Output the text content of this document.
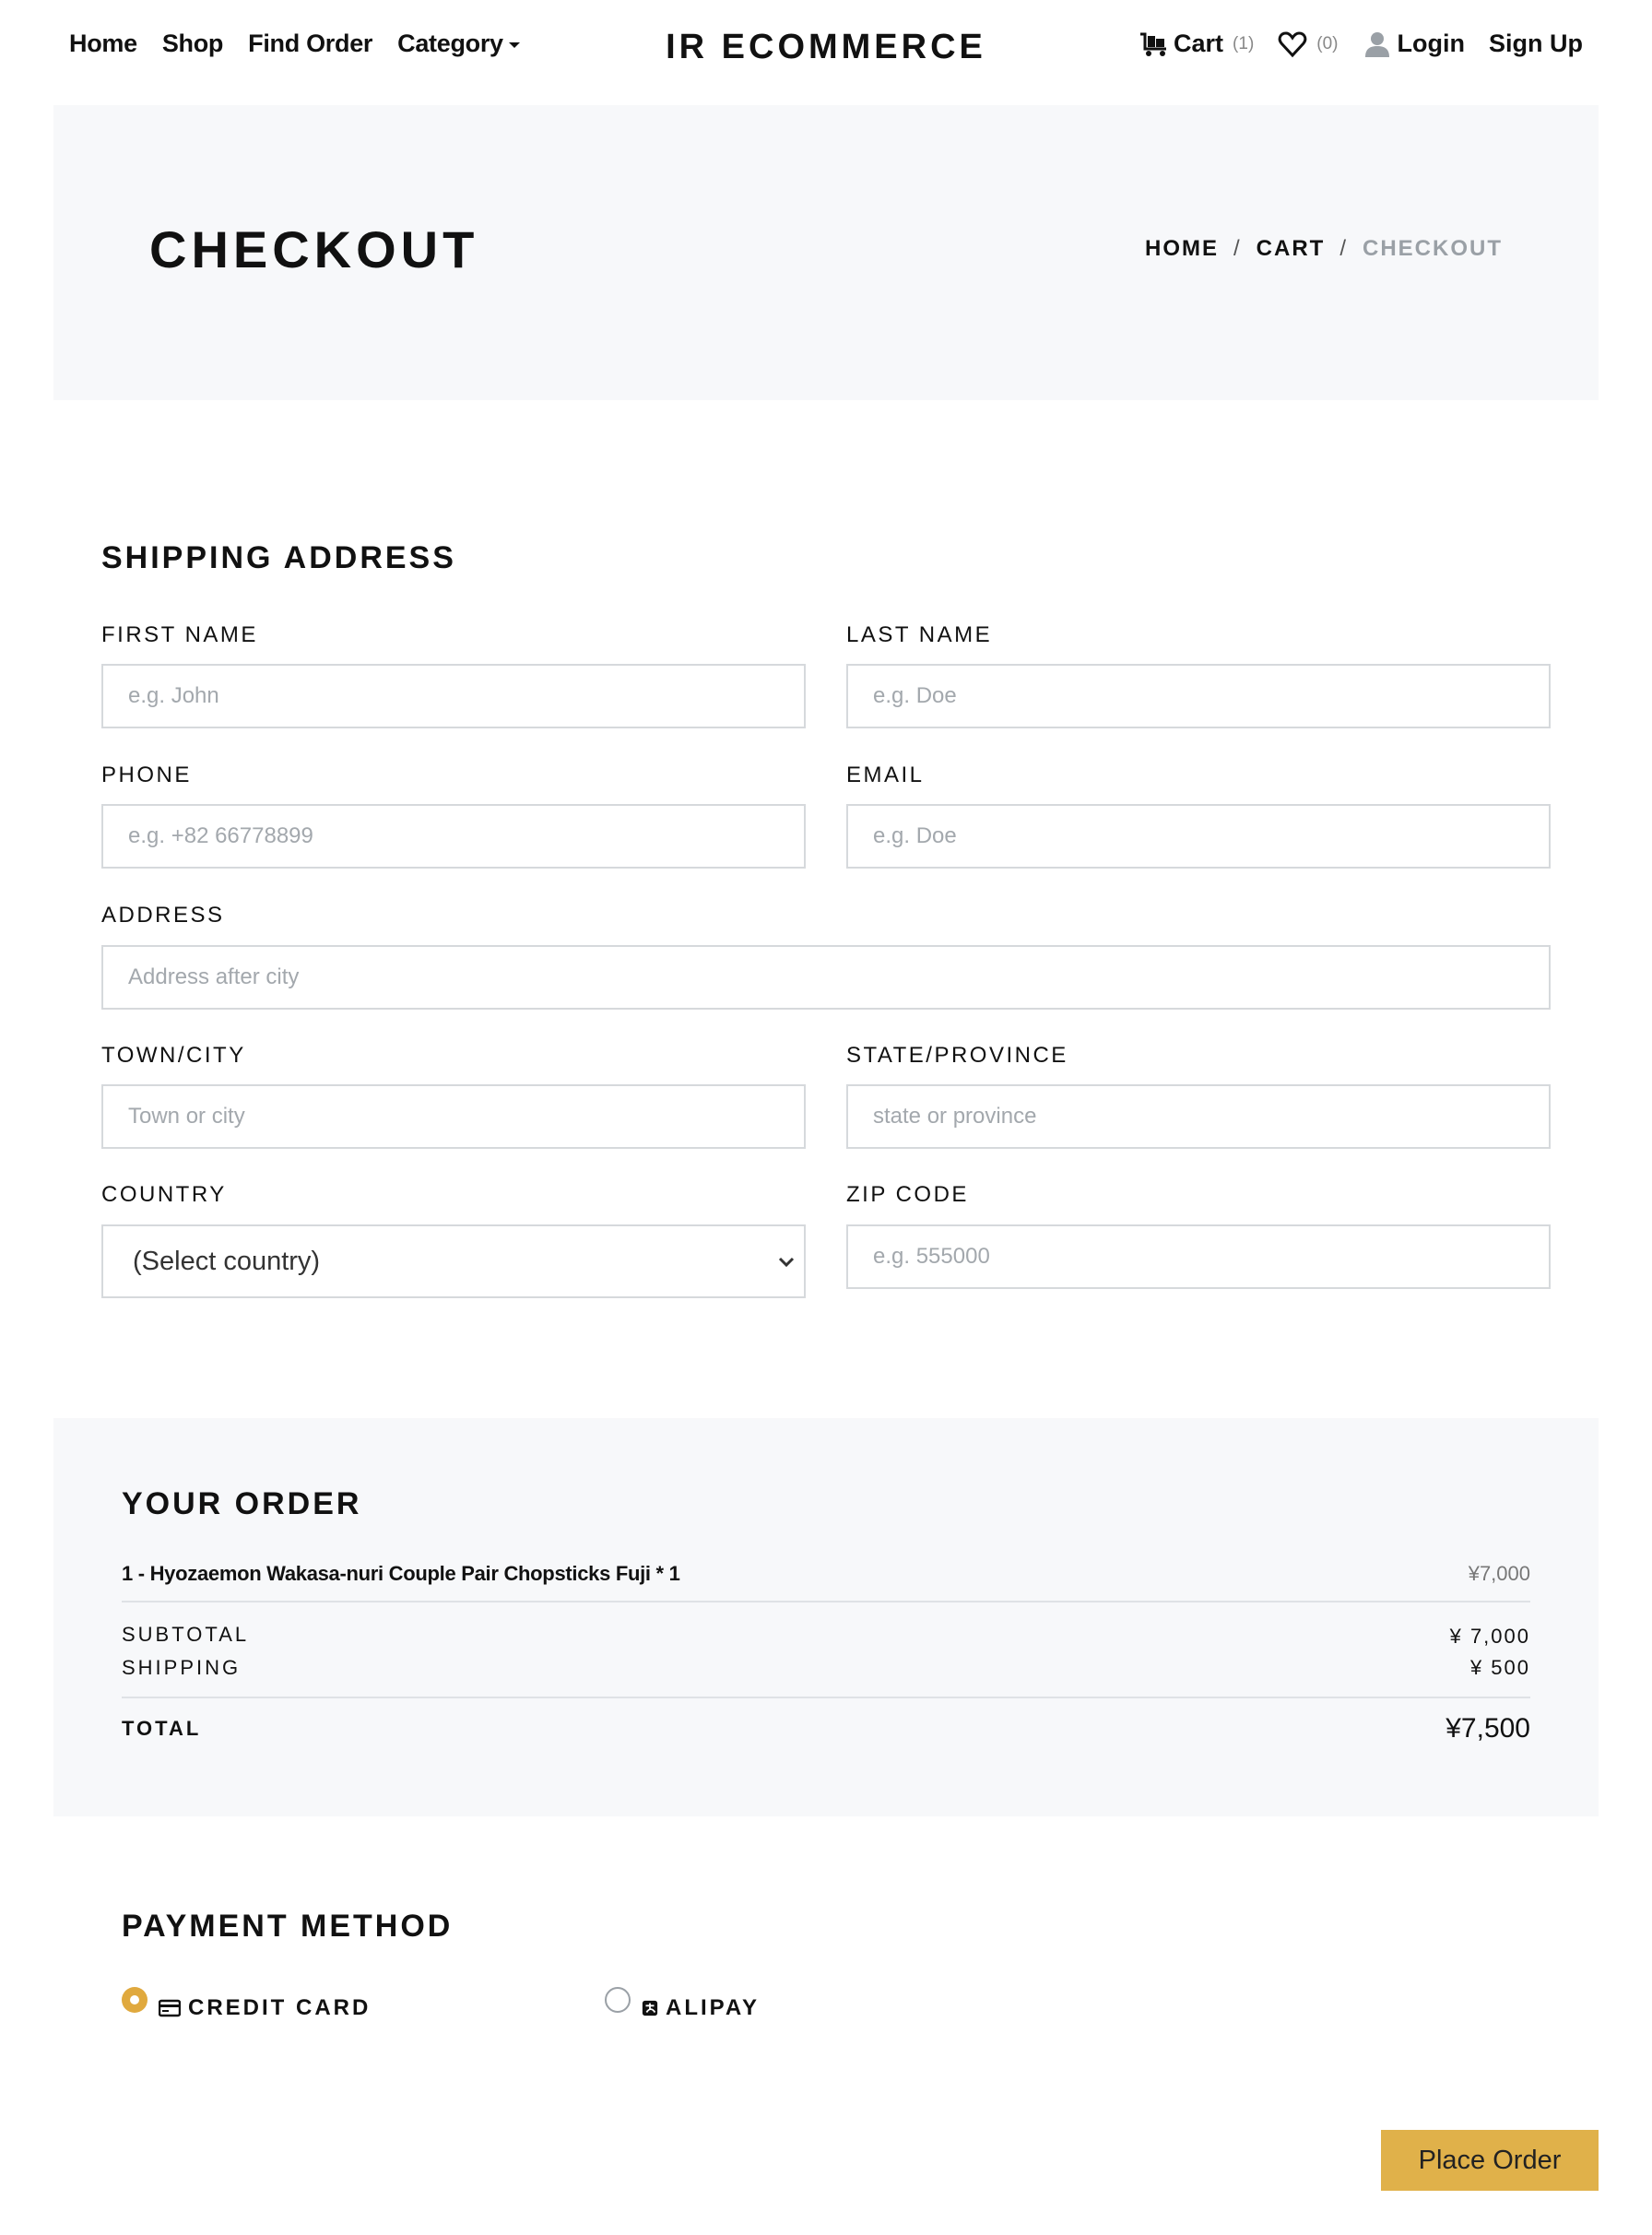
Home Shop Find Order Category	IR ECOMMERCE	Cart (1)	(0) Login Sign Up
CHECKOUT	HOME / CART / CHECKOUT
SHIPPING ADDRESS
FIRST NAME
e.g. John	LAST NAME
e.g. Doe
PHONE
e.g. +82 66778899	EMAIL
e.g. Doe
ADDRESS
Address after city
TOWN/CITY
Town or city	STATE/PROVINCE
state or province
COUNTRY
(Select country)
ZIP CODE
e.g. 555000
YOUR ORDER
1 - Hyozaemon Wakasa-nuri Couple Pair Chopsticks Fuji * 1	¥7,000
SUBTOTAL	¥ 7,000
SHIPPING	¥ 500
TOTAL	¥7,500
PAYMENT METHOD
CREDIT CARD	ALIPAY
Place Order
